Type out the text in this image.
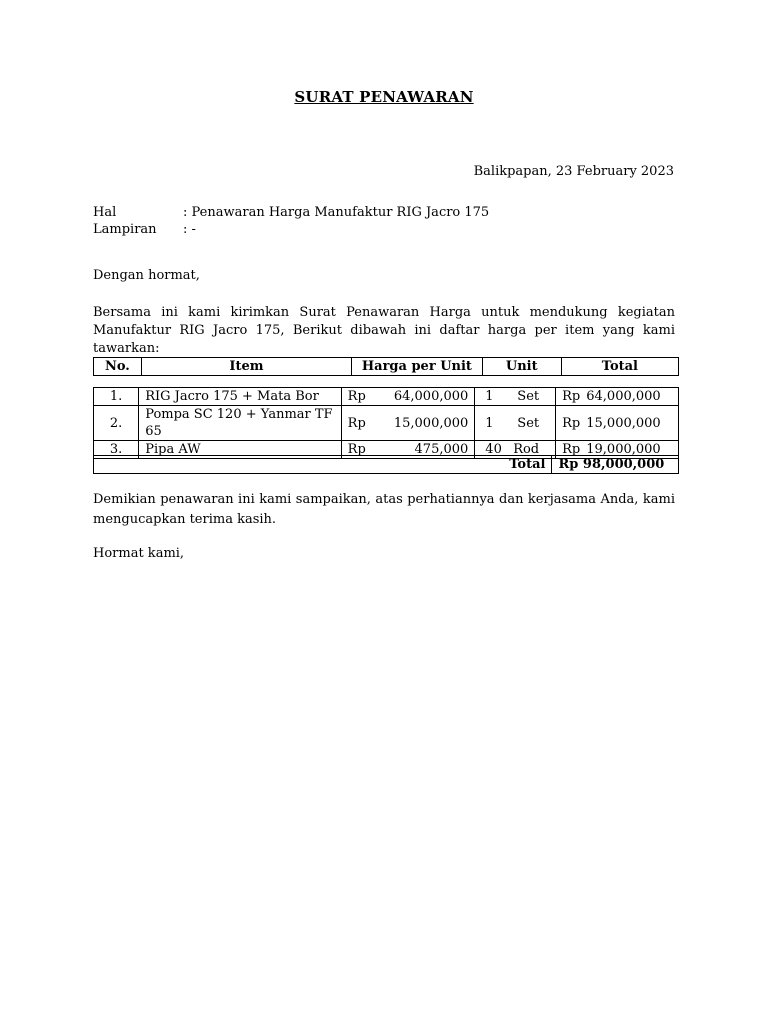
SURAT PENAWARAN
Balikpapan, 23 February 2023
Hal	: Penawaran Harga Manufaktur RIG Jacro 175
Lampiran	: -
Dengan hormat,
Bersama ini kami kirimkan Surat Penawaran Harga untuk mendukung kegiatan Manufaktur RIG Jacro 175, Berikut dibawah ini daftar harga per item yang kami tawarkan:
No.	Item	Harga per Unit	Unit	Total
1.	RIG Jacro 175 + Mata Bor	Rp 64,000,000	1 Set	Rp 64,000,000

2.	Pompa SC 120 + Yanmar TF 65	Rp 15,000,000	1 Set	Rp 15,000,000

3.	Pipa AW	Rp 475,000	40 Rod	Rp 19,000,000
Total	Rp 98,000,000
Demikian penawaran ini kami sampaikan, atas perhatiannya dan kerjasama Anda, kami mengucapkan terima kasih.
Hormat kami,
